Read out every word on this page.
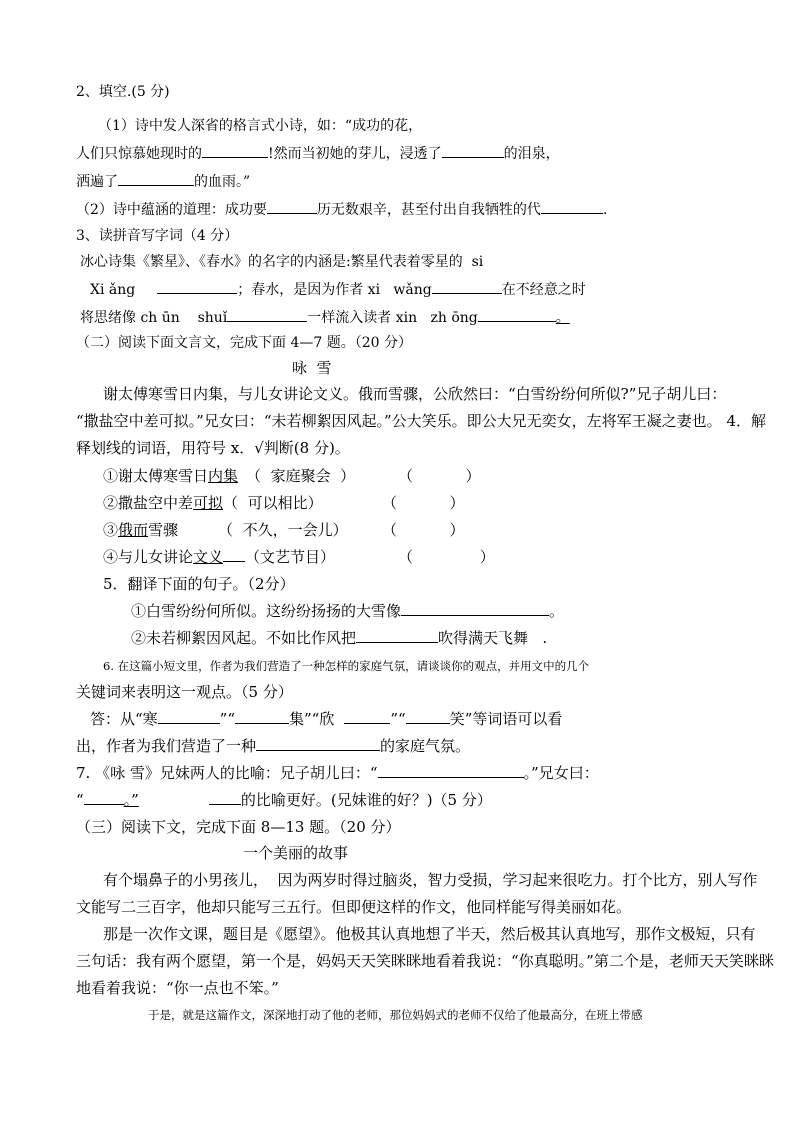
2、填空.(5 分)
（1）诗中发人深省的格言式小诗，如：“成功的花，
人们只惊慕她现时的	!然而当初她的芽儿，浸透了	的泪泉，
洒遍了	的血雨。”
（2）诗中蕴涵的道理：成功要	历无数艰辛，甚至付出自我牺牲的代	.
3、读拼音写字词（4 分）
冰心诗集《繁星》、《春水》的名字的内涵是:繁星代表着零星的  si
Xi ǎng	；春水，是因为作者 xi   wǎng	在不经意之时
将思绪像 ch ūn    shuǐ	一样流入读者 xin   zh ōng	。
（二）阅读下面文言文，完成下面 4—7 题。（20 分）
咏  雪
谢太傅寒雪日内集，与儿女讲论文义。俄而雪骤，公欣然曰：“白雪纷纷何所似?”兄子胡儿曰：
“撒盐空中差可拟。”兄女曰：“未若柳絮因风起。”公大笑乐。即公大兄无奕女，左将军王凝之妻也。 4．解
释划线的词语，用符号 x．√判断(8 分)。
①谢太傅寒雪日内集 （  家庭聚会  ）	（           ）
②撒盐空中差可拟（  可以相比）	（           ）
③俄而雪骤	（  不久，一会儿） （           ）
④与儿女讲论文义 （文艺节目）	（              ）
5．翻译下面的句子。（2分）
①白雪纷纷何所似。这纷纷扬扬的大雪像	。
②未若柳絮因风起。不如比作风把	吹得满天飞舞   .
6. 在这篇小短文里，作者为我们营造了一种怎样的家庭气氛，请谈谈你的观点，并用文中的几个
关键词来表明这一观点。（5 分）
答：从“寒	”“	集”“欣	”“	笑”等词语可以看
出，作者为我们营造了一种	的家庭气氛。
7. 《咏 雪》兄妹两人的比喻：兄子胡儿曰：“	。”兄女曰：
“	。”	的比喻更好。(兄妹谁的好？)（5 分）
（三）阅读下文，完成下面 8—13 题。（20 分）
一个美丽的故事
有个塌鼻子的小男孩儿，  因为两岁时得过脑炎，智力受损，学习起来很吃力。打个比方，别人写作
文能写二三百字，他却只能写三五行。但即便这样的作文，他同样能写得美丽如花。
那是一次作文课，题目是《愿望》。他极其认真地想了半天，然后极其认真地写，那作文极短，只有
三句话：我有两个愿望，第一个是，妈妈天天笑眯眯地看着我说：“你真聪明。”第二个是，老师天天笑眯眯
地看着我说：“你一点也不笨。”
于是，就是这篇作文，深深地打动了他的老师，那位妈妈式的老师不仅给了他最高分，在班上带感
